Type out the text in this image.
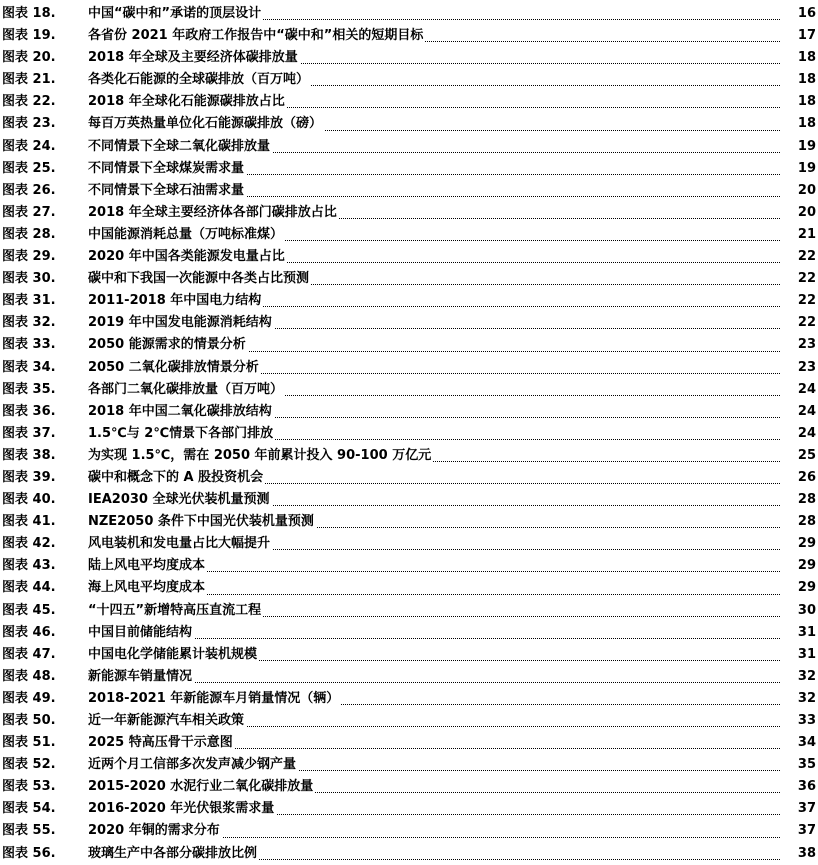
图表 18. 中国“碳中和”承诺的顶层设计	16
图表 19. 各省份 2021 年政府工作报告中“碳中和”相关的短期目标	17
图表 20. 2018 年全球及主要经济体碳排放量	18
图表 21. 各类化石能源的全球碳排放（百万吨）	18
图表 22. 2018 年全球化石能源碳排放占比	18
图表 23. 每百万英热量单位化石能源碳排放（磅）	18
图表 24. 不同情景下全球二氧化碳排放量	19
图表 25. 不同情景下全球煤炭需求量	19
图表 26. 不同情景下全球石油需求量	20
图表 27. 2018 年全球主要经济体各部门碳排放占比	20
图表 28. 中国能源消耗总量（万吨标准煤）	21
图表 29. 2020 年中国各类能源发电量占比	22
图表 30. 碳中和下我国一次能源中各类占比预测	22
图表 31. 2011-2018 年中国电力结构	22
图表 32. 2019 年中国发电能源消耗结构	22
图表 33. 2050 能源需求的情景分析	23
图表 34. 2050 二氧化碳排放情景分析	23
图表 35. 各部门二氧化碳排放量（百万吨）	24
图表 36. 2018 年中国二氧化碳排放结构	24
图表 37. 1.5℃与 2℃情景下各部门排放	24
图表 38. 为实现 1.5℃，需在 2050 年前累计投入 90-100 万亿元	25
图表 39. 碳中和概念下的 A 股投资机会	26
图表 40. IEA2030 全球光伏装机量预测	28
图表 41. NZE2050 条件下中国光伏装机量预测	28
图表 42. 风电装机和发电量占比大幅提升	29
图表 43. 陆上风电平均度成本	29
图表 44. 海上风电平均度成本	29
图表 45. “十四五”新增特高压直流工程	30
图表 46. 中国目前储能结构	31
图表 47. 中国电化学储能累计装机规模	31
图表 48. 新能源车销量情况	32
图表 49. 2018-2021 年新能源车月销量情况（辆）	32
图表 50. 近一年新能源汽车相关政策	33
图表 51. 2025 特高压骨干示意图	34
图表 52. 近两个月工信部多次发声减少钢产量	35
图表 53. 2015-2020 水泥行业二氧化碳排放量	36
图表 54. 2016-2020 年光伏银浆需求量	37
图表 55. 2020 年铜的需求分布	37
图表 56. 玻璃生产中各部分碳排放比例	38
